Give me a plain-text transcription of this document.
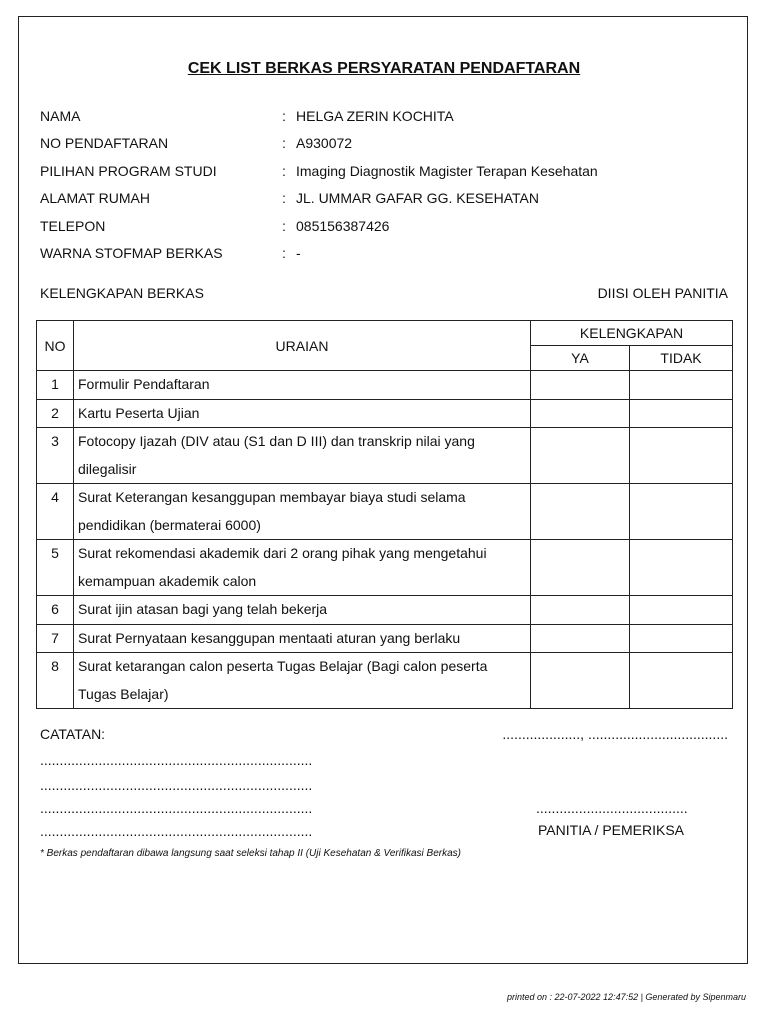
CEK LIST BERKAS PERSYARATAN PENDAFTARAN
NAMA	: HELGA ZERIN KOCHITA
NO PENDAFTARAN	: A930072
PILIHAN PROGRAM STUDI	: Imaging Diagnostik Magister Terapan Kesehatan
ALAMAT RUMAH	: JL. UMMAR GAFAR GG. KESEHATAN
TELEPON	: 085156387426
WARNA STOFMAP BERKAS	: -
KELENGKAPAN BERKAS	DIISI OLEH PANITIA
NO	URAIAN	KELENGKAPAN	
		YA	TIDAK
1	Formulir Pendaftaran		

2	Kartu Peserta Ujian		

3	Fotocopy Ijazah (DIV atau (S1 dan D III) dan transkrip nilai yang
dilegalisir		

4	Surat Keterangan kesanggupan membayar biaya studi selama
pendidikan (bermaterai 6000)		

5	Surat rekomendasi akademik dari 2 orang pihak yang mengetahui
kemampuan akademik calon		

6	Surat ijin atasan bagi yang telah bekerja		

7	Surat Pernyataan kesanggupan mentaati aturan yang berlaku		

8	Surat ketarangan calon peserta Tugas Belajar (Bagi calon peserta
Tugas Belajar)		

CATATAN:	...................., ....................................
......................................................................
......................................................................
......................................................................
......................................................................
.......................................
PANITIA / PEMERIKSA
* Berkas pendaftaran dibawa langsung saat seleksi tahap II (Uji Kesehatan & Verifikasi Berkas)
printed on : 22-07-2022 12:47:52 | Generated by Sipenmaru
